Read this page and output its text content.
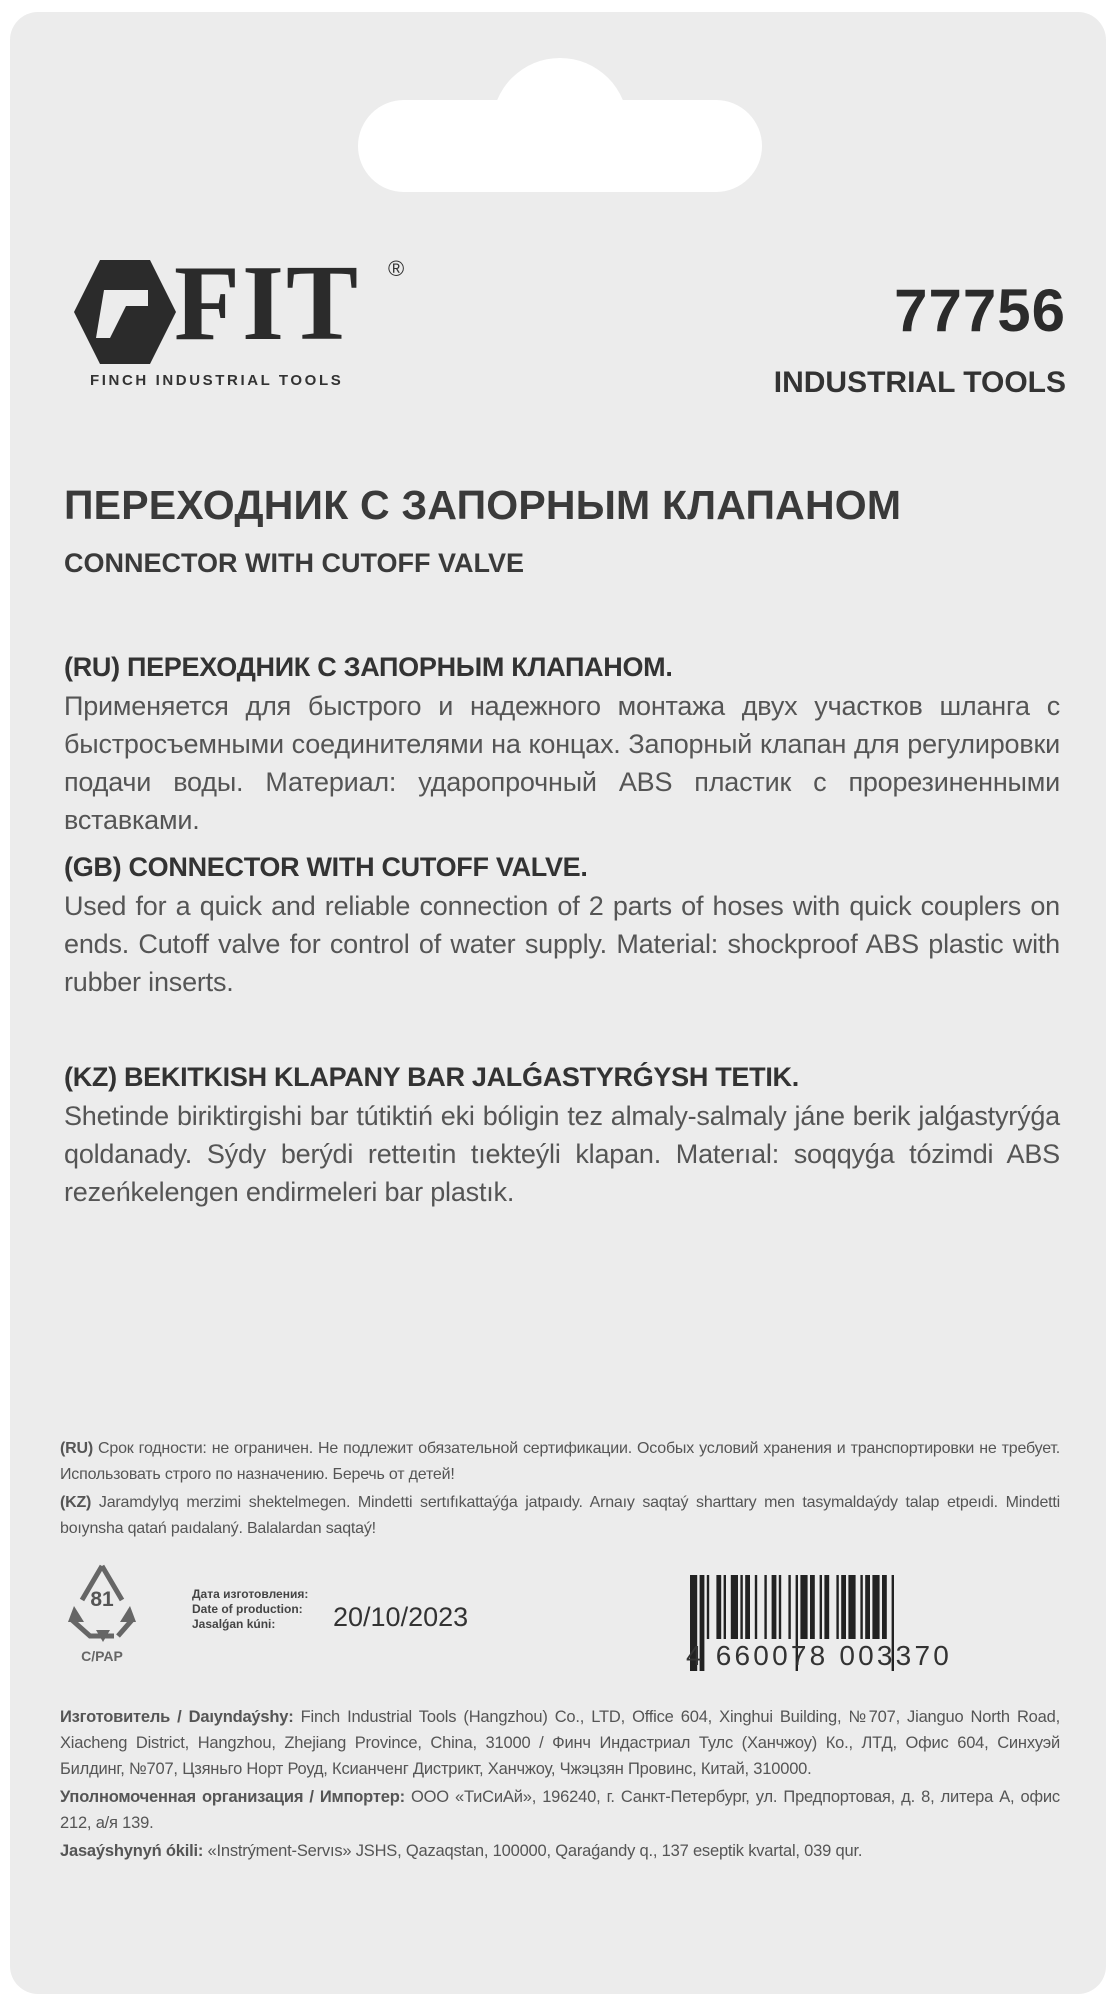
FIT ®
FINCH INDUSTRIAL TOOLS
77756
INDUSTRIAL TOOLS
ПЕРЕХОДНИК С ЗАПОРНЫМ КЛАПАНОМ
CONNECTOR WITH CUTOFF VALVE
(RU) ПЕРЕХОДНИК С ЗАПОРНЫМ КЛАПАНОМ.
Применяется для быстрого и надежного монтажа двух участков шланга с быстросъемными соединителями на концах. Запорный клапан для регулировки подачи воды. Материал: ударопрочный ABS пластик с прорезиненными вставками.
(GB) CONNECTOR WITH CUTOFF VALVE.
Used for a quick and reliable connection of 2 parts of hoses with quick couplers on ends. Cutoff valve for control of water supply. Material: shockproof ABS plastic with rubber inserts.
(KZ) BEKITKISH KLAPANY BAR JALǴASTYRǴYSH TETIK.
Shetinde biriktirgishi bar tútiktiń eki bóligin tez almaly-salmaly jáne berik jalǵastyrýǵa qoldanady. Sýdy berýdi retteıtin tıekteýli klapan. Materıal: soqqyǵa tózimdi ABS rezeńkelengen endirmeleri bar plastık.
(RU) Срок годности: не ограничен. Не подлежит обязательной сертификации. Особых условий хранения и транспортировки не требует. Использовать строго по назначению. Беречь от детей!
(KZ) Jaramdylyq merzimi shektelmegen. Mindetti sertıfıkattaýǵa jatpaıdy. Arnaıy saqtaý sharttary men tasymaldaýdy talap etpeıdi. Mindetti boıynsha qatań paıdalaný. Balalardan saqtaý!
81
C/PAP
Дата изготовления:
Date of production:
Jasalǵan kúni:	20/10/2023
4 660078 003370
Изготовитель / Daıyndaýshy: Finch Industrial Tools (Hangzhou) Co., LTD, Office 604, Xinghui Building, №707, Jianguo North Road, Xiacheng District, Hangzhou, Zhejiang Province, China, 31000 / Финч Индастриал Тулс (Ханчжоу) Ко., ЛТД, Офис 604, Синхуэй Билдинг, №707, Цзяньго Норт Роуд, Ксианченг Дистрикт, Ханчжоу, Чжэцзян Провинс, Китай, 310000.
Уполномоченная организация / Импортер: ООО «ТиСиАй», 196240, г. Санкт-Петербург, ул. Предпортовая, д. 8, литера А, офис 212, а/я 139.
Jasaýshynyń ókili: «Instrýment-Servıs» JSHS, Qazaqstan, 100000, Qaraǵandy q., 137 eseptik kvartal, 039 qur.
